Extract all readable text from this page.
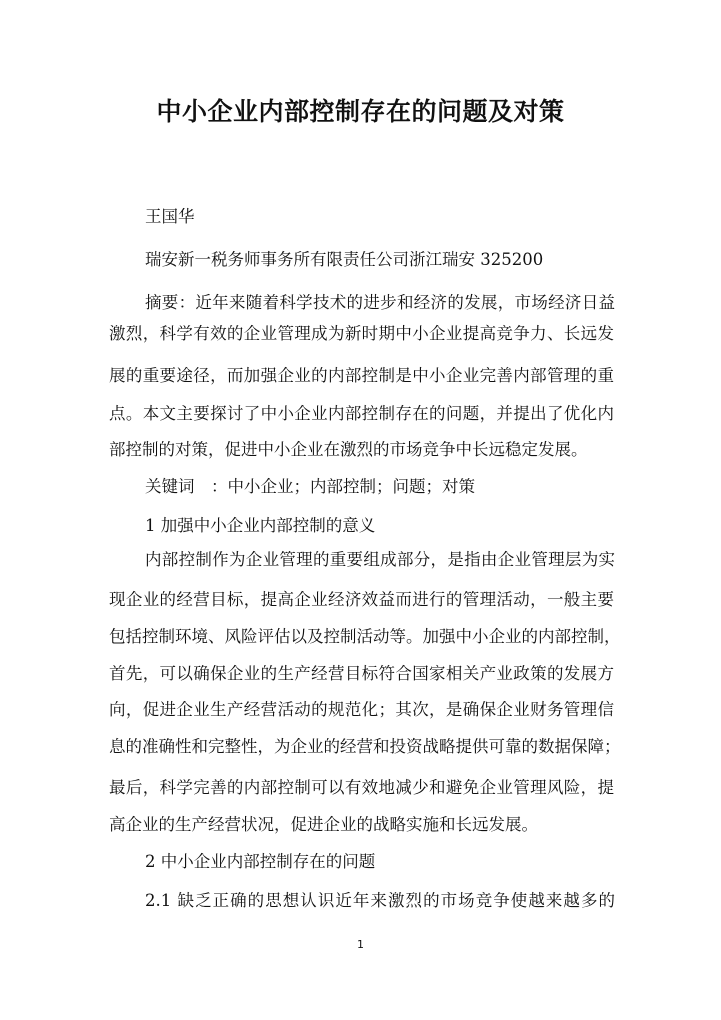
中小企业内部控制存在的问题及对策
王国华
瑞安新一税务师事务所有限责任公司浙江瑞安 325200
摘要：近年来随着科学技术的进步和经济的发展，市场经济日益
激烈，科学有效的企业管理成为新时期中小企业提高竞争力、长远发
展的重要途径，而加强企业的内部控制是中小企业完善内部管理的重
点。本文主要探讨了中小企业内部控制存在的问题，并提出了优化内
部控制的对策，促进中小企业在激烈的市场竞争中长远稳定发展。
关键词　：中小企业；内部控制；问题；对策
1 加强中小企业内部控制的意义
内部控制作为企业管理的重要组成部分，是指由企业管理层为实
现企业的经营目标，提高企业经济效益而进行的管理活动，一般主要
包括控制环境、风险评估以及控制活动等。加强中小企业的内部控制，
首先，可以确保企业的生产经营目标符合国家相关产业政策的发展方
向，促进企业生产经营活动的规范化；其次，是确保企业财务管理信
息的准确性和完整性，为企业的经营和投资战略提供可靠的数据保障；
最后，科学完善的内部控制可以有效地减少和避免企业管理风险，提
高企业的生产经营状况，促进企业的战略实施和长远发展。
2 中小企业内部控制存在的问题
2.1 缺乏正确的思想认识近年来激烈的市场竞争使越来越多的
1
